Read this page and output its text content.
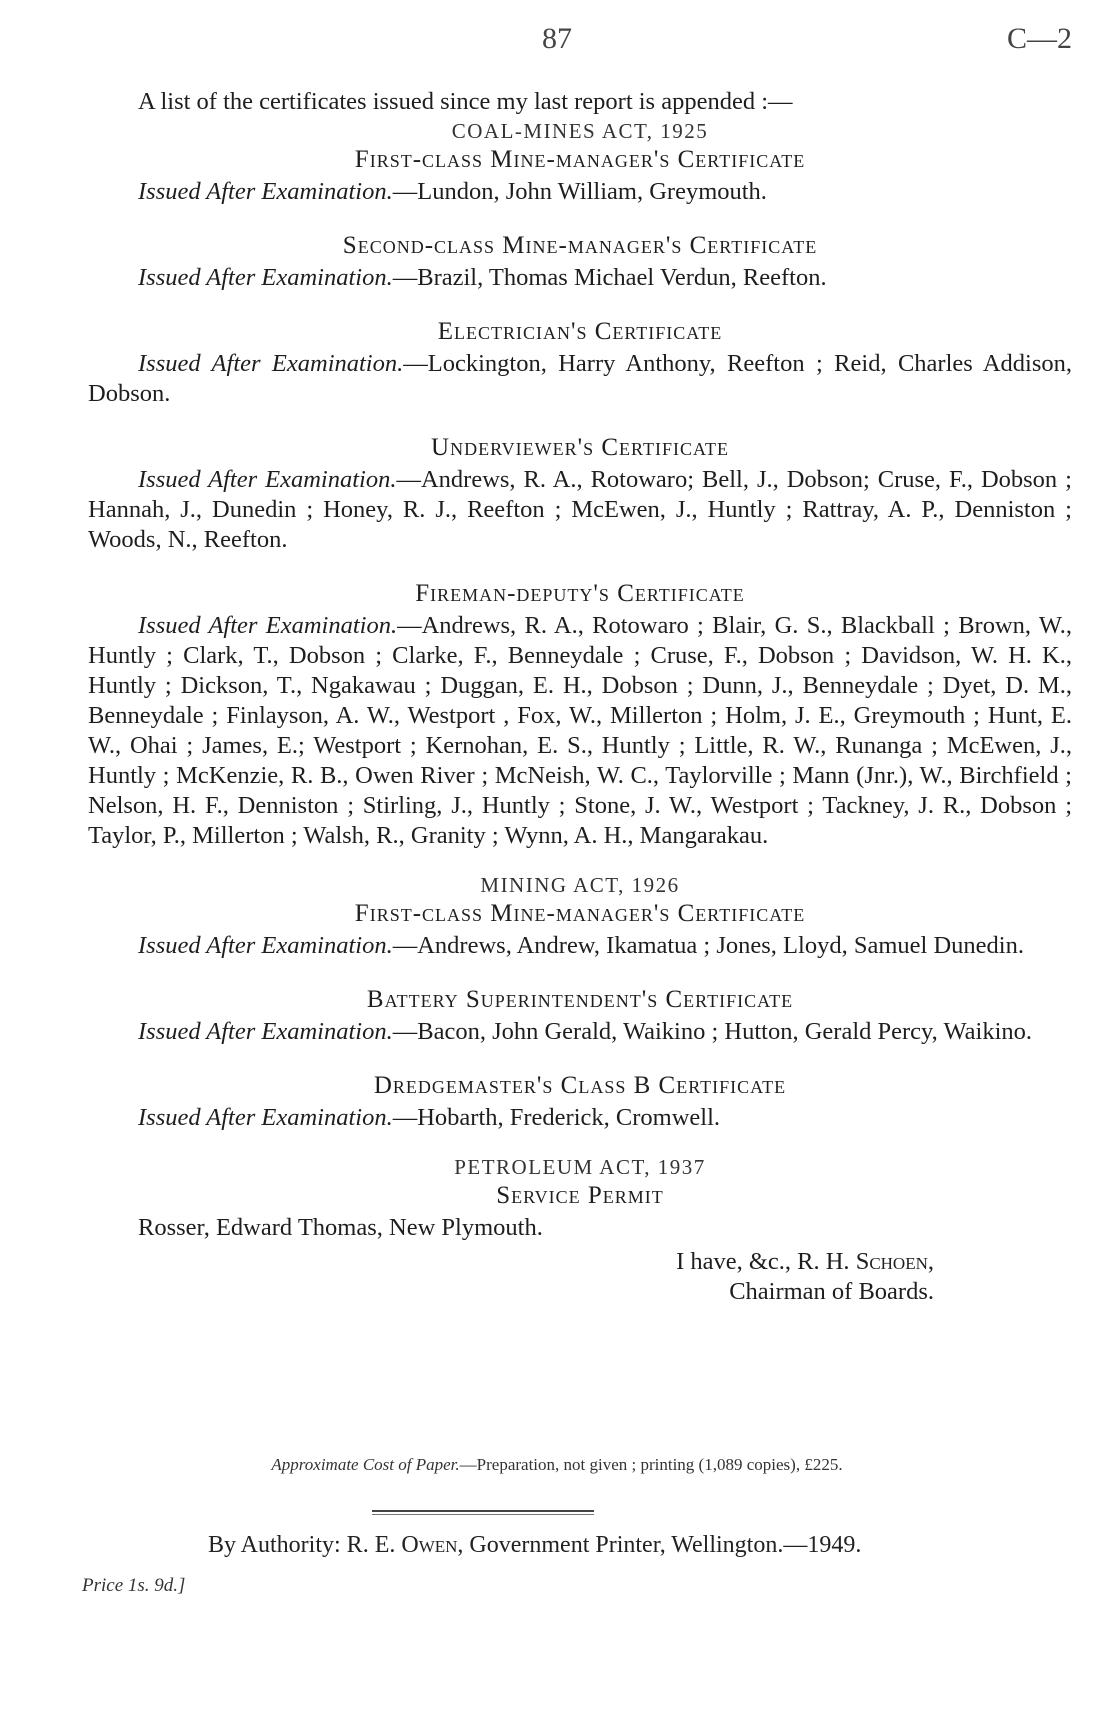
87	C—2

A list of the certificates issued since my last report is appended :—

COAL-MINES ACT, 1925

First-class Mine-manager's Certificate

Issued After Examination.—Lundon, John William, Greymouth.

Second-class Mine-manager's Certificate

Issued After Examination.—Brazil, Thomas Michael Verdun, Reefton.

Electrician's Certificate

Issued After Examination.—Lockington, Harry Anthony, Reefton ; Reid, Charles Addison, Dobson.

Underviewer's Certificate

Issued After Examination.—Andrews, R. A., Rotowaro; Bell, J., Dobson; Cruse, F., Dobson ; Hannah, J., Dunedin ; Honey, R. J., Reefton ; McEwen, J., Huntly ; Rattray, A. P., Denniston ; Woods, N., Reefton.

Fireman-deputy's Certificate

Issued After Examination.—Andrews, R. A., Rotowaro ; Blair, G. S., Blackball ; Brown, W., Huntly ; Clark, T., Dobson ; Clarke, F., Benneydale ; Cruse, F., Dobson ; Davidson, W. H. K., Huntly ; Dickson, T., Ngakawau ; Duggan, E. H., Dobson ; Dunn, J., Benneydale ; Dyet, D. M., Benneydale ; Finlayson, A. W., Westport , Fox, W., Millerton ; Holm, J. E., Greymouth ; Hunt, E. W., Ohai ; James, E.; Westport ; Kernohan, E. S., Huntly ; Little, R. W., Runanga ; McEwen, J., Huntly ; McKenzie, R. B., Owen River ; McNeish, W. C., Taylorville ; Mann (Jnr.), W., Birchfield ; Nelson, H. F., Denniston ; Stirling, J., Huntly ; Stone, J. W., Westport ; Tackney, J. R., Dobson ; Taylor, P., Millerton ; Walsh, R., Granity ; Wynn, A. H., Mangarakau.

MINING ACT, 1926

First-class Mine-manager's Certificate

Issued After Examination.—Andrews, Andrew, Ikamatua ; Jones, Lloyd, Samuel Dunedin.

Battery Superintendent's Certificate

Issued After Examination.—Bacon, John Gerald, Waikino ; Hutton, Gerald Percy, Waikino.

Dredgemaster's Class B Certificate

Issued After Examination.—Hobarth, Frederick, Cromwell.

PETROLEUM ACT, 1937

Service Permit

Rosser, Edward Thomas, New Plymouth.

I have, &c., R. H. Schoen,

Chairman of Boards.

Approximate Cost of Paper.—Preparation, not given ; printing (1,089 copies), £225.
By Authority: R. E. Owen, Government Printer, Wellington.—1949.
Price 1s. 9d.]
